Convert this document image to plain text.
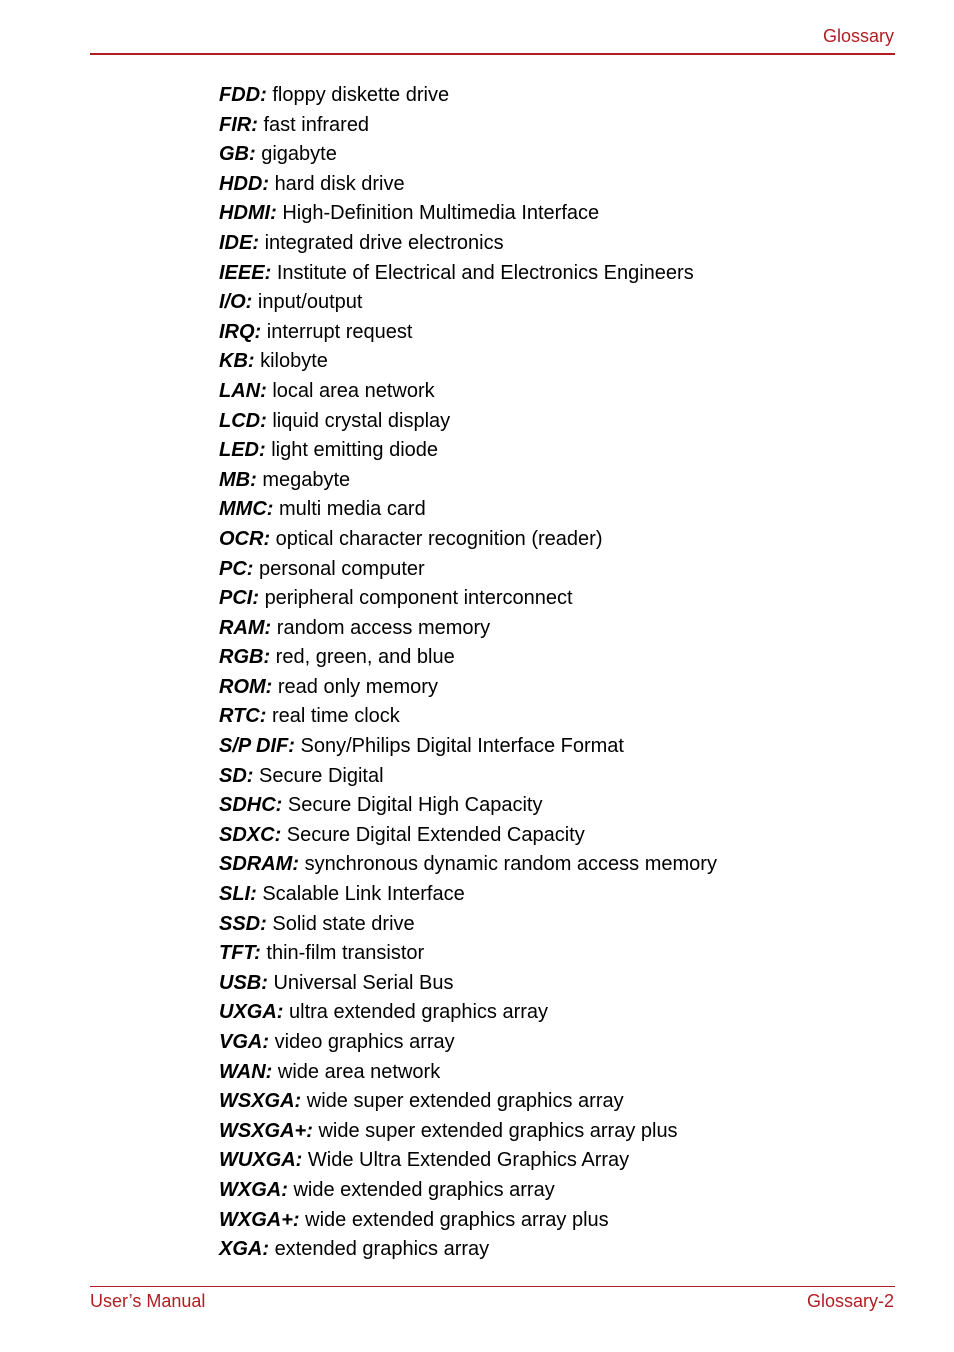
Glossary
FDD: floppy diskette drive
FIR: fast infrared
GB: gigabyte
HDD: hard disk drive
HDMI: High-Definition Multimedia Interface
IDE: integrated drive electronics
IEEE: Institute of Electrical and Electronics Engineers
I/O: input/output
IRQ: interrupt request
KB: kilobyte
LAN: local area network
LCD: liquid crystal display
LED: light emitting diode
MB: megabyte
MMC: multi media card
OCR: optical character recognition (reader)
PC: personal computer
PCI: peripheral component interconnect
RAM: random access memory
RGB: red, green, and blue
ROM: read only memory
RTC: real time clock
S/P DIF: Sony/Philips Digital Interface Format
SD: Secure Digital
SDHC: Secure Digital High Capacity
SDXC: Secure Digital Extended Capacity
SDRAM: synchronous dynamic random access memory
SLI: Scalable Link Interface
SSD: Solid state drive
TFT: thin-film transistor
USB: Universal Serial Bus
UXGA: ultra extended graphics array
VGA: video graphics array
WAN: wide area network
WSXGA: wide super extended graphics array
WSXGA+: wide super extended graphics array plus
WUXGA: Wide Ultra Extended Graphics Array
WXGA: wide extended graphics array
WXGA+: wide extended graphics array plus
XGA: extended graphics array
User’s Manual	Glossary-2
